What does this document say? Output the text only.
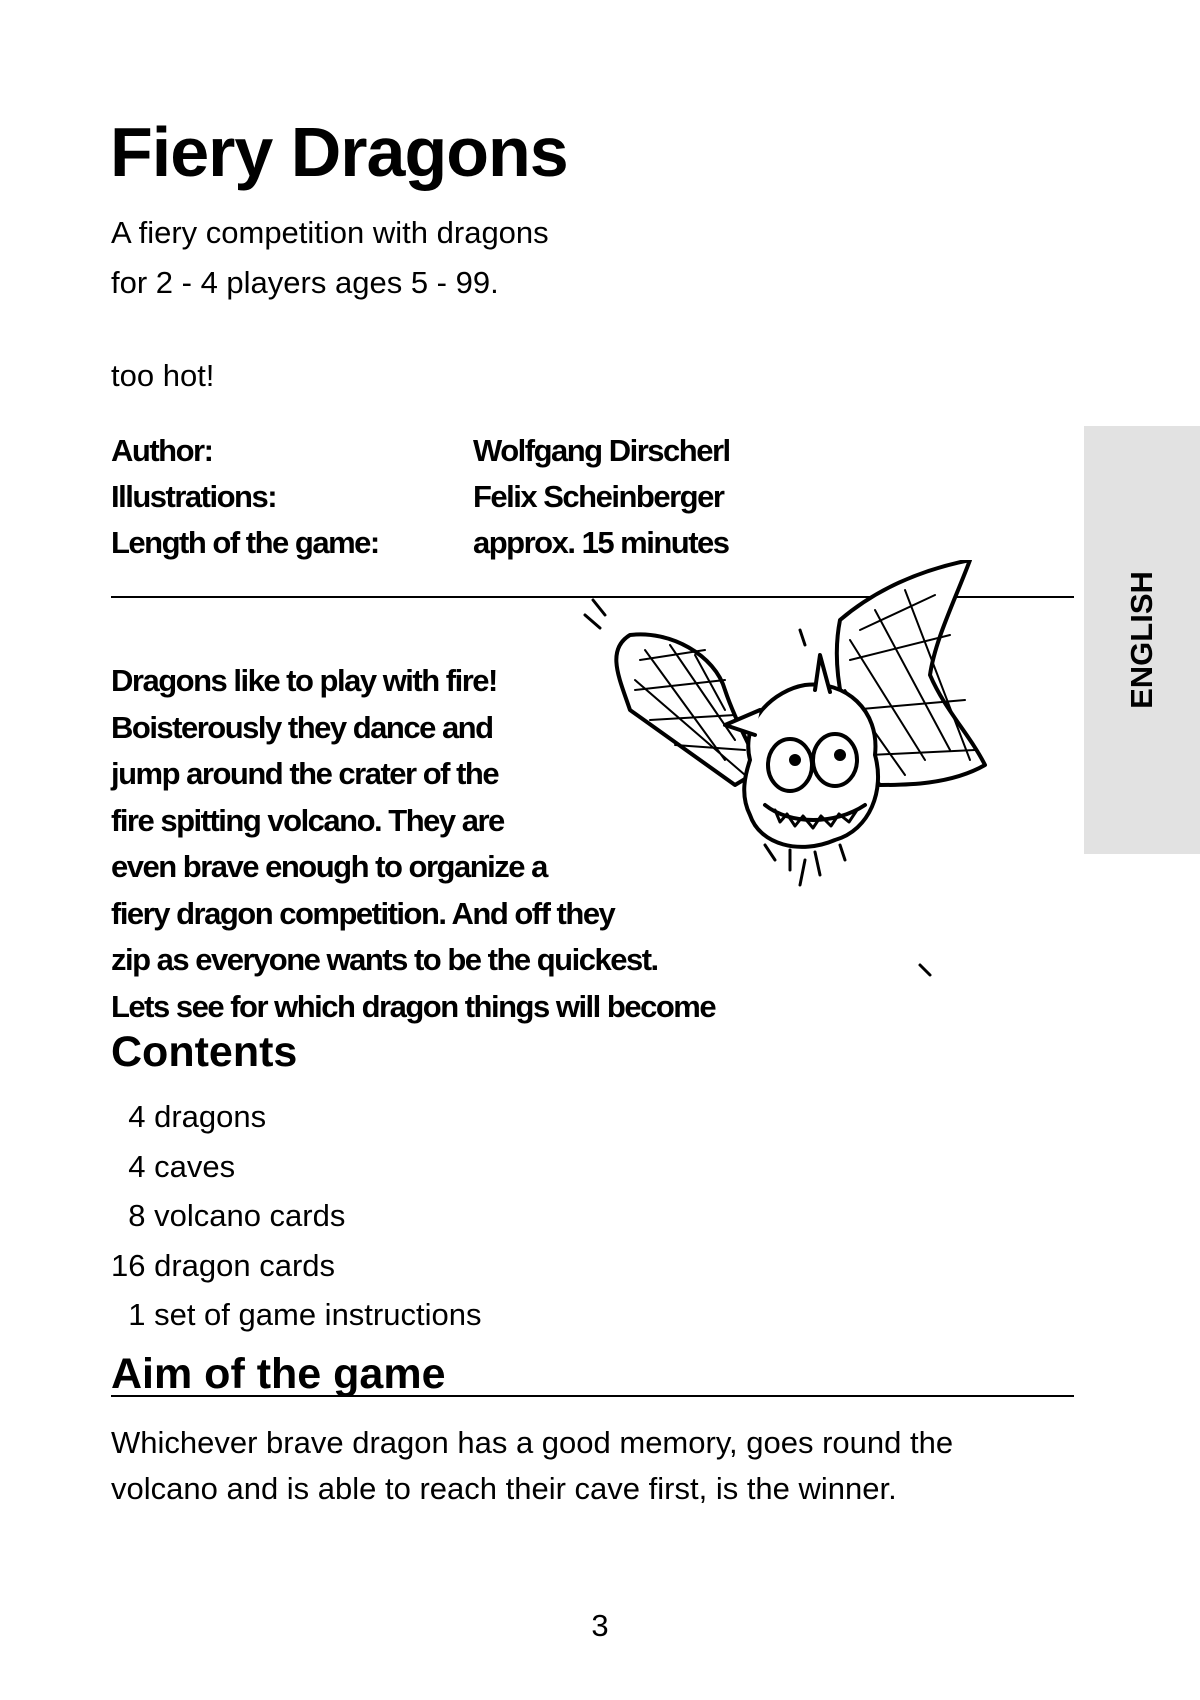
Fiery Dragons
A fiery competition with dragons
for 2 - 4 players ages 5 - 99.
too hot!
Author:	Wolfgang Dirscherl
Illustrations:	Felix Scheinberger
Length of the game:	approx. 15 minutes
Dragons like to play with fire!
Boisterously they dance and
jump around the crater of the
fire spitting volcano. They are
even brave enough to organize a
fiery dragon competition. And off they
zip as everyone wants to be the quickest.
Lets see for which dragon things will become
ENGLISH
Contents
4 dragons
4 caves
8 volcano cards
16 dragon cards
1 set of game instructions
Aim of the game
Whichever brave dragon has a good memory, goes round the
volcano and is able to reach their cave first, is the winner.
3
